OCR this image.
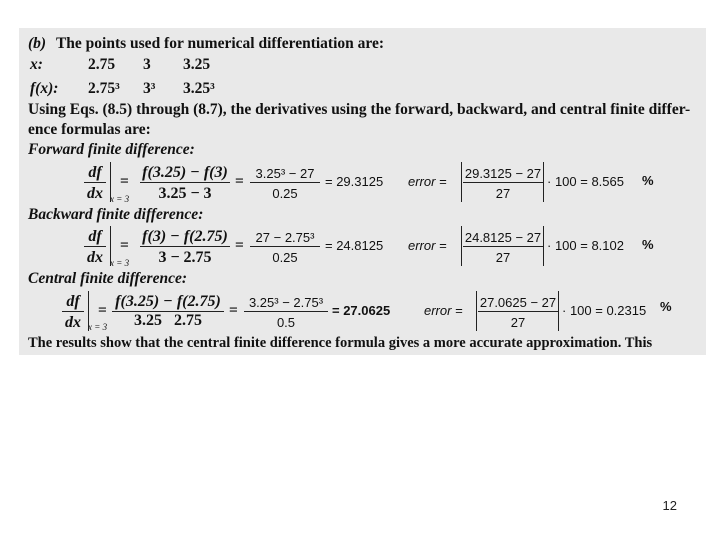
(b) The points used for numerical differentiation are:
x:	2.75 3 3.25
f(x): 2.75³ 3³ 3.25³
Using Eqs. (8.5) through (8.7), the derivatives using the forward, backward, and central finite differ-
ence formulas are:
Forward finite difference:
df
dx x = 3
=
f(3.25) − f(3)
3.25 − 3
= 3.25³ − 27
0.25
= 29.3125 error =
29.3125 − 27
27
· 100 = 8.565 %
Backward finite difference:
df
dx x = 3
=
f(3) − f(2.75)
3 − 2.75
= 27 − 2.75³
0.25
= 24.8125 error =
24.8125 − 27
27
· 100 = 8.102 %
Central finite difference:
df
dx x = 3
=
f(3.25) − f(2.75)
3.25   2.75
= 3.25³ − 2.75³
0.5
= 27.0625	error =
27.0625 − 27
27
· 100 = 0.2315 %
The results show that the central finite difference formula gives a more accurate approximation. This
12
